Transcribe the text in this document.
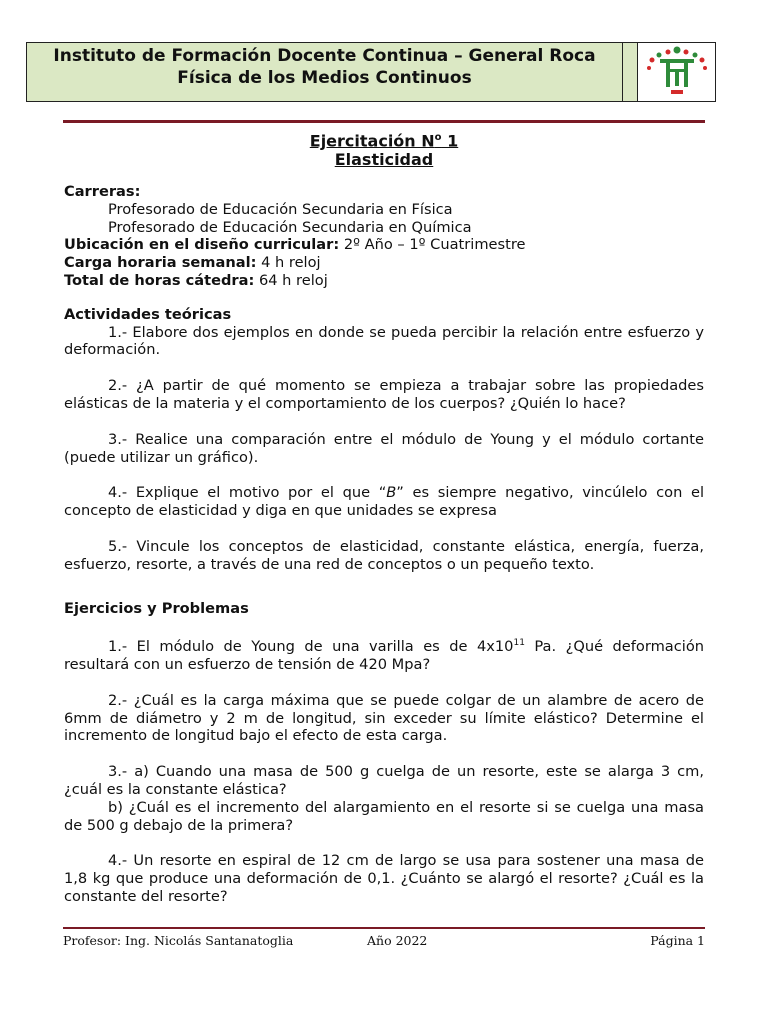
Instituto de Formación Docente Continua – General Roca
Física de los Medios Continuos
Ejercitación $N^o$ 1
Elasticidad
Carreras:
Profesorado de Educación Secundaria en Física
Profesorado de Educación Secundaria en Química
Ubicación en el diseño curricular: 2º Año – 1º Cuatrimestre
Carga horaria semanal: 4 h reloj
Total de horas cátedra: 64 h reloj
Actividades teóricas

1.- Elabore dos ejemplos en donde se pueda percibir la relación entre esfuerzo y deformación.

2.- ¿A partir de qué momento se empieza a trabajar sobre las propiedades elásticas de la materia y el comportamiento de los cuerpos? ¿Quién lo hace?

3.- Realice una comparación entre el módulo de Young y el módulo cortante (puede utilizar un gráfico).

4.- Explique el motivo por el que “B” es siempre negativo, vincúlelo con el concepto de elasticidad y diga en que unidades se expresa

5.- Vincule los conceptos de elasticidad, constante elástica, energía, fuerza, esfuerzo, resorte, a través de una red de conceptos o un pequeño texto.

Ejercicios y Problemas

1.- El módulo de Young de una varilla es de $4x10^{11}$ Pa. ¿Qué deformación resultará con un esfuerzo de tensión de 420 Mpa?

2.- ¿Cuál es la carga máxima que se puede colgar de un alambre de acero de 6mm de diámetro y 2 m de longitud, sin exceder su límite elástico? Determine el incremento de longitud bajo el efecto de esta carga.

3.- a) Cuando una masa de 500 g cuelga de un resorte, este se alarga 3 cm, ¿cuál es la constante elástica?

b) ¿Cuál es el incremento del alargamiento en el resorte si se cuelga una masa de 500 g debajo de la primera?

4.- Un resorte en espiral de 12 cm de largo se usa para sostener una masa de 1,8 kg que produce una deformación de 0,1. ¿Cuánto se alargó el resorte? ¿Cuál es la constante del resorte?

Profesor: Ing. Nicolás Santanatoglia	Año 2022	Página 1
